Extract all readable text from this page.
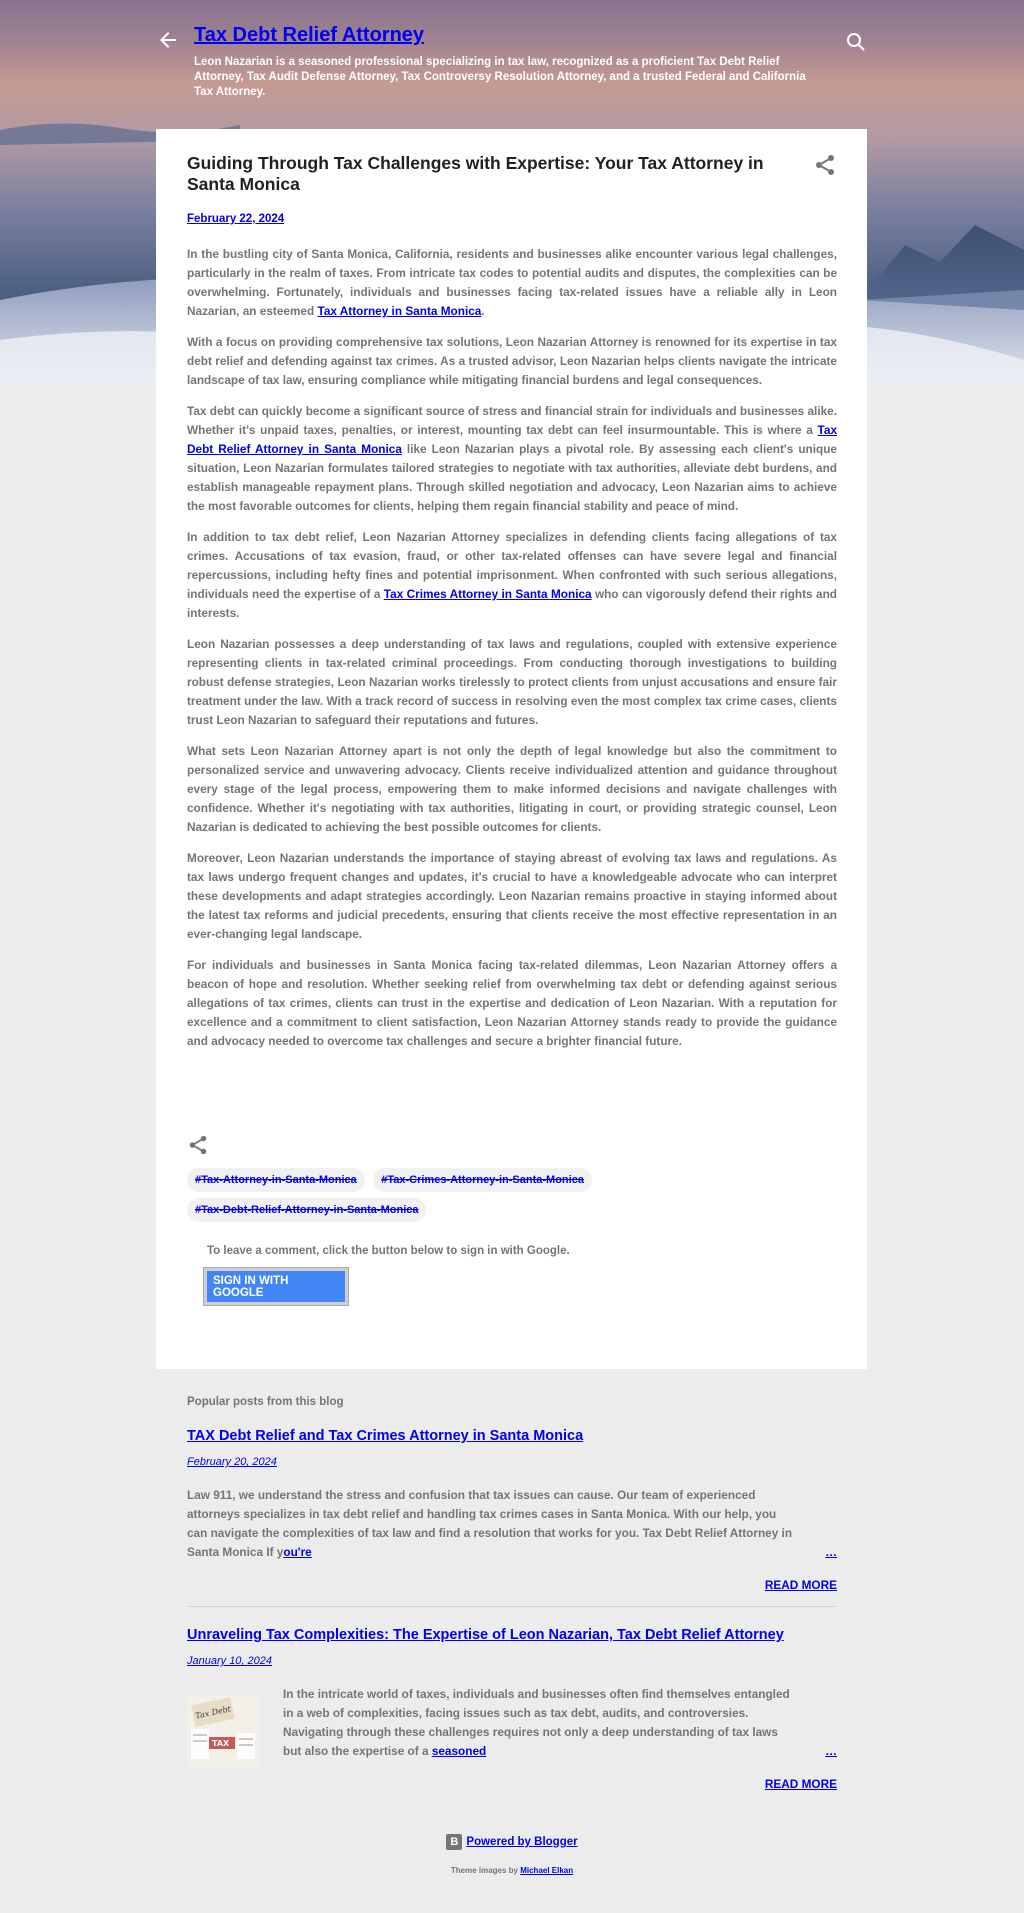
Tax Debt Relief Attorney
Leon Nazarian is a seasoned professional specializing in tax law, recognized as a proficient Tax Debt Relief Attorney, Tax Audit Defense Attorney, Tax Controversy Resolution Attorney, and a trusted Federal and California Tax Attorney.
Guiding Through Tax Challenges with Expertise: Your Tax Attorney in Santa Monica
February 22, 2024

In the bustling city of Santa Monica, California, residents and businesses alike encounter various legal challenges, particularly in the realm of taxes. From intricate tax codes to potential audits and disputes, the complexities can be overwhelming. Fortunately, individuals and businesses facing tax-related issues have a reliable ally in Leon Nazarian, an esteemed Tax Attorney in Santa Monica.

With a focus on providing comprehensive tax solutions, Leon Nazarian Attorney is renowned for its expertise in tax debt relief and defending against tax crimes. As a trusted advisor, Leon Nazarian helps clients navigate the intricate landscape of tax law, ensuring compliance while mitigating financial burdens and legal consequences.

Tax debt can quickly become a significant source of stress and financial strain for individuals and businesses alike. Whether it's unpaid taxes, penalties, or interest, mounting tax debt can feel insurmountable. This is where a Tax Debt Relief Attorney in Santa Monica like Leon Nazarian plays a pivotal role. By assessing each client's unique situation, Leon Nazarian formulates tailored strategies to negotiate with tax authorities, alleviate debt burdens, and establish manageable repayment plans. Through skilled negotiation and advocacy, Leon Nazarian aims to achieve the most favorable outcomes for clients, helping them regain financial stability and peace of mind.

In addition to tax debt relief, Leon Nazarian Attorney specializes in defending clients facing allegations of tax crimes. Accusations of tax evasion, fraud, or other tax-related offenses can have severe legal and financial repercussions, including hefty fines and potential imprisonment. When confronted with such serious allegations, individuals need the expertise of a Tax Crimes Attorney in Santa Monica who can vigorously defend their rights and interests.

Leon Nazarian possesses a deep understanding of tax laws and regulations, coupled with extensive experience representing clients in tax-related criminal proceedings. From conducting thorough investigations to building robust defense strategies, Leon Nazarian works tirelessly to protect clients from unjust accusations and ensure fair treatment under the law. With a track record of success in resolving even the most complex tax crime cases, clients trust Leon Nazarian to safeguard their reputations and futures.

What sets Leon Nazarian Attorney apart is not only the depth of legal knowledge but also the commitment to personalized service and unwavering advocacy. Clients receive individualized attention and guidance throughout every stage of the legal process, empowering them to make informed decisions and navigate challenges with confidence. Whether it's negotiating with tax authorities, litigating in court, or providing strategic counsel, Leon Nazarian is dedicated to achieving the best possible outcomes for clients.

Moreover, Leon Nazarian understands the importance of staying abreast of evolving tax laws and regulations. As tax laws undergo frequent changes and updates, it's crucial to have a knowledgeable advocate who can interpret these developments and adapt strategies accordingly. Leon Nazarian remains proactive in staying informed about the latest tax reforms and judicial precedents, ensuring that clients receive the most effective representation in an ever-changing legal landscape.

For individuals and businesses in Santa Monica facing tax-related dilemmas, Leon Nazarian Attorney offers a beacon of hope and resolution. Whether seeking relief from overwhelming tax debt or defending against serious allegations of tax crimes, clients can trust in the expertise and dedication of Leon Nazarian. With a reputation for excellence and a commitment to client satisfaction, Leon Nazarian Attorney stands ready to provide the guidance and advocacy needed to overcome tax challenges and secure a brighter financial future.

#Tax-Attorney-in-Santa-Monica #Tax-Crimes-Attorney-in-Santa-Monica
#Tax-Debt-Relief-Attorney-in-Santa-Monica
To leave a comment, click the button below to sign in with Google.
SIGN IN WITH GOOGLE
Popular posts from this blog
TAX Debt Relief and Tax Crimes Attorney in Santa Monica
February 20, 2024
Law 911, we understand the stress and confusion that tax issues can cause. Our team of experienced attorneys specializes in tax debt relief and handling tax crimes cases in Santa Monica. With our help, you can navigate the complexities of tax law and find a resolution that works for you. Tax Debt Relief Attorney in Santa Monica If you're	…
READ MORE
Unraveling Tax Complexities: The Expertise of Leon Nazarian, Tax Debt Relief Attorney
January 10, 2024
Tax Debt
TAX
In the intricate world of taxes, individuals and businesses often find themselves entangled in a web of complexities, facing issues such as tax debt, audits, and controversies. Navigating through these challenges requires not only a deep understanding of tax laws but also the expertise of a seasoned	…
READ MORE
B Powered by Blogger
Theme images by Michael Elkan
